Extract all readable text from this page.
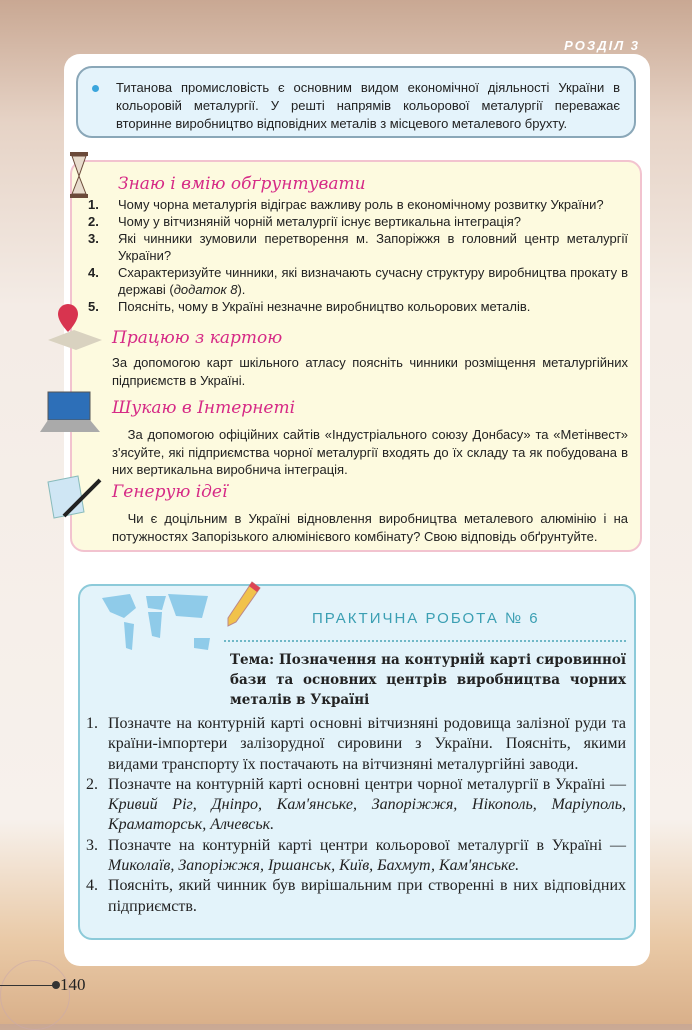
РОЗДІЛ 3
Титанова промисловість є основним видом економічної діяльності України в кольоровій металургії. У решті напрямів кольорової металургії переважає вторинне виробництво відповідних металів з місцевого металевого брухту.
Знаю і вмію обґрунтувати
1. Чому чорна металургія відіграє важливу роль в економічному розвитку України?
2. Чому у вітчизняній чорній металургії існує вертикальна інтеграція?
3. Які чинники зумовили перетворення м. Запоріжжя в головний центр металургії України?
4. Схарактеризуйте чинники, які визначають сучасну структуру виробництва прокату в державі (додаток 8).
5. Поясніть, чому в Україні незначне виробництво кольорових металів.
Працюю з картою
За допомогою карт шкільного атласу поясніть чинники розміщення металургійних підприємств в Україні.
Шукаю в Інтернеті
За допомогою офіційних сайтів «Індустріального союзу Донбасу» та «Метінвест» з'ясуйте, які підприємства чорної металургії входять до їх складу та як побудована в них вертикальна виробнича інтеграція.
Генерую ідеї
Чи є доцільним в Україні відновлення виробництва металевого алюмінію і на потужностях Запорізького алюмінієвого комбінату? Свою відповідь обґрунтуйте.
ПРАКТИЧНА РОБОТА № 6
Тема: Позначення на контурній карті сировинної бази та основних центрів виробництва чорних металів в Україні
1. Позначте на контурній карті основні вітчизняні родовища залізної руди та країни-імпортери залізорудної сировини з України. Поясніть, якими видами транспорту їх постачають на вітчизняні металургійні заводи.
2. Позначте на контурній карті основні центри чорної металургії в Україні — Кривий Ріг, Дніпро, Кам'янське, Запоріжжя, Нікополь, Маріуполь, Краматорськ, Алчевськ.
3. Позначте на контурній карті центри кольорової металургії в Україні — Миколаїв, Запоріжжя, Іршанськ, Київ, Бахмут, Кам'янське.
4. Поясніть, який чинник був вирішальним при створенні в них відповідних підприємств.
140
